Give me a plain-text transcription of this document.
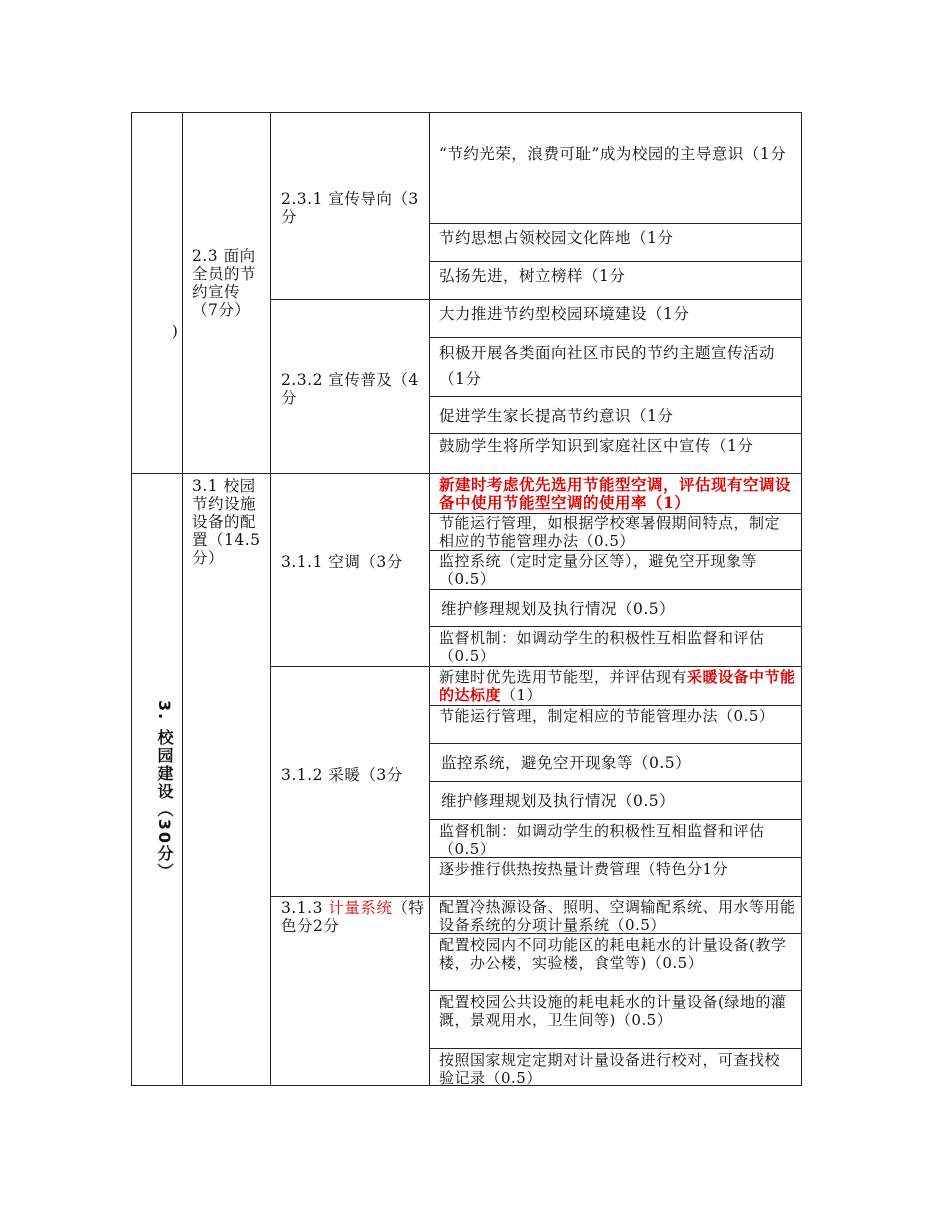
3. 校园建设（30分）
)
2.3 面向全员的节约宣传（7分）
2.3.1 宣传导向（3分
“节约光荣，浪费可耻”成为校园的主导意识（1分
节约思想占领校园文化阵地（1分
弘扬先进，树立榜样（1分
2.3.2 宣传普及（4分
大力推进节约型校园环境建设（1分
积极开展各类面向社区市民的节约主题宣传活动（1分
促进学生家长提高节约意识（1分
鼓励学生将所学知识到家庭社区中宣传（1分
3.1 校园节约设施设备的配置（14.5分）	3.1.1 空调（3分
新建时考虑优先选用节能型空调，评估现有空调设备中使用节能型空调的使用率（1）
节能运行管理，如根据学校寒暑假期间特点，制定相应的节能管理办法（0.5）
监控系统（定时定量分区等），避免空开现象等（0.5）
维护修理规划及执行情况（0.5）
监督机制：如调动学生的积极性互相监督和评估（0.5）
3.1.2 采暖（3分
新建时优先选用节能型，并评估现有采暖设备中节能的达标度（1）
节能运行管理，制定相应的节能管理办法（0.5）
监控系统，避免空开现象等（0.5）
维护修理规划及执行情况（0.5）
监督机制：如调动学生的积极性互相监督和评估（0.5）
逐步推行供热按热量计费管理（特色分1分
3.1.3 计量系统（特色分2分
配置冷热源设备、照明、空调输配系统、用水等用能设备系统的分项计量系统（0.5）
配置校园内不同功能区的耗电耗水的计量设备(教学楼，办公楼，实验楼，食堂等)（0.5）
配置校园公共设施的耗电耗水的计量设备(绿地的灌溉，景观用水，卫生间等)（0.5）
按照国家规定定期对计量设备进行校对，可查找校验记录（0.5）
